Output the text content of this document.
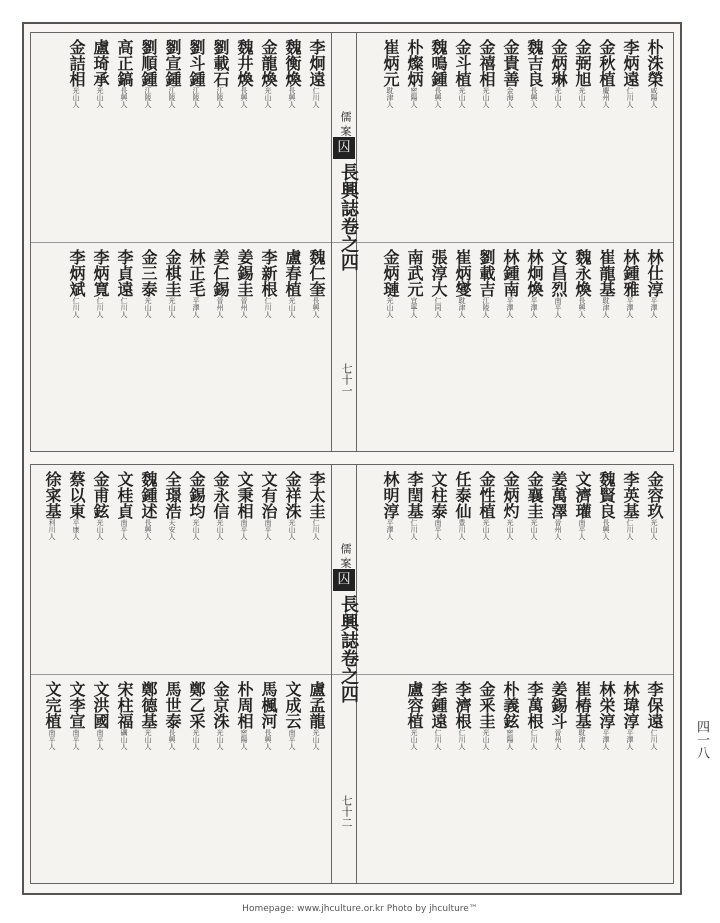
儒 案
囚
長興誌卷之四
七十一
朴洙榮咸陽人
李炳遠仁川人
金秋植慶州人
金弼旭光山人
金炳琳光山人
魏吉良長興人
金貴善金海人
金禧相光山人
金斗植光山人
魏鳴鍾長興人
朴燦炳密陽人
崔炳元耽津人
林仕淳平澤人
林鍾雅平澤人
崔龍基耽津人
魏永煥長興人
文昌烈南平人
林炯煥平澤人
林鍾南平澤人
劉載吉江陵人
崔炳燮耽津人
張淳大仁同人
南武元宜寧人
金炳璉光山人
李炯遠仁川人
魏衡煥長興人
金龍煥光山人
魏井煥長興人
劉載石江陵人
劉斗鍾江陵人
劉宣鍾江陵人
劉順鍾江陵人
高正鎬長興人
盧琦承光山人
金詰相光山人
魏仁奎長興人
盧春植光山人
李新根仁川人
姜錫圭晉州人
姜仁錫晉州人
林正毛平澤人
金棋圭光山人
金三泰光山人
李貞遠仁川人
李炳寬仁川人
李炳斌仁川人
儒 案
囚
長興誌卷之四
七十二
金容玖光山人
李英基仁川人
魏賢良長興人
文濟瓘南平人
姜萬澤晉州人
金襄圭光山人
金炳灼光山人
金性植光山人
任泰仙豊川人
文柱泰南平人
李閏基仁川人
林明淳平澤人
李保遠仁川人
林瑋淳平澤人
林栄淳平澤人
崔椿基耽津人
姜錫斗晉州人
李萬根仁川人
朴義鉉密陽人
金釆圭光山人
李濟根仁川人
李鍾遠仁川人
盧容植光山人
李太圭仁川人
金祥洙光山人
文有治南平人
文秉相南平人
金永信光山人
金錫均光山人
全璟浩天安人
魏鍾述長興人
文桂貞南平人
金甫鉉光山人
蔡以東平康人
徐寀基利川人
盧孟龍光山人
文成云南平人
馬楓河長興人
朴周相密陽人
金京洙光山人
鄭乙采光山人
馬世泰長興人
鄭德基光山人
宋柱福礪山人
文洪國南平人
文李宣南平人
文完植南平人	四一八
Homepage: www.jhculture.or.kr Photo by jhculture™
